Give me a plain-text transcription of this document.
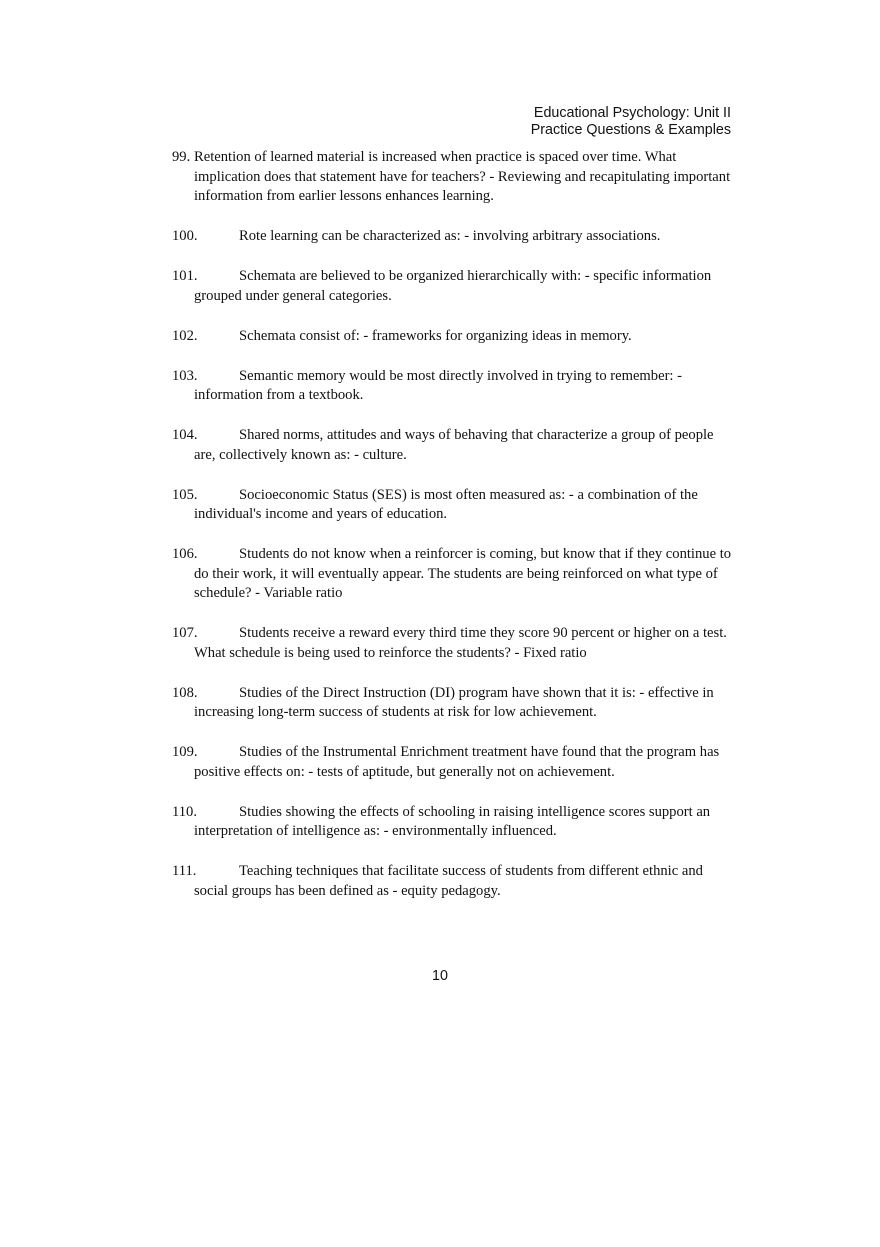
Educational Psychology: Unit II
Practice Questions & Examples
99. Retention of learned material is increased when practice is spaced over time. What implication does that statement have for teachers? - Reviewing and recapitulating important information from earlier lessons enhances learning.
100.	Rote learning can be characterized as: - involving arbitrary associations.
101.	Schemata are believed to be organized hierarchically with: - specific information grouped under general categories.
102.	Schemata consist of: - frameworks for organizing ideas in memory.
103.	Semantic memory would be most directly involved in trying to remember: - information from a textbook.
104.	Shared norms, attitudes and ways of behaving that characterize a group of people are, collectively known as: - culture.
105.	Socioeconomic Status (SES) is most often measured as: - a combination of the individual's income and years of education.
106.	Students do not know when a reinforcer is coming, but know that if they continue to do their work, it will eventually appear. The students are being reinforced on what type of schedule? - Variable ratio
107.	Students receive a reward every third time they score 90 percent or higher on a test. What schedule is being used to reinforce the students? - Fixed ratio
108.	Studies of the Direct Instruction (DI) program have shown that it is: - effective in increasing long-term success of students at risk for low achievement.
109.	Studies of the Instrumental Enrichment treatment have found that the program has positive effects on: - tests of aptitude, but generally not on achievement.
110.	Studies showing the effects of schooling in raising intelligence scores support an interpretation of intelligence as: - environmentally influenced.
111.	Teaching techniques that facilitate success of students from different ethnic and social groups has been defined as - equity pedagogy.
10
